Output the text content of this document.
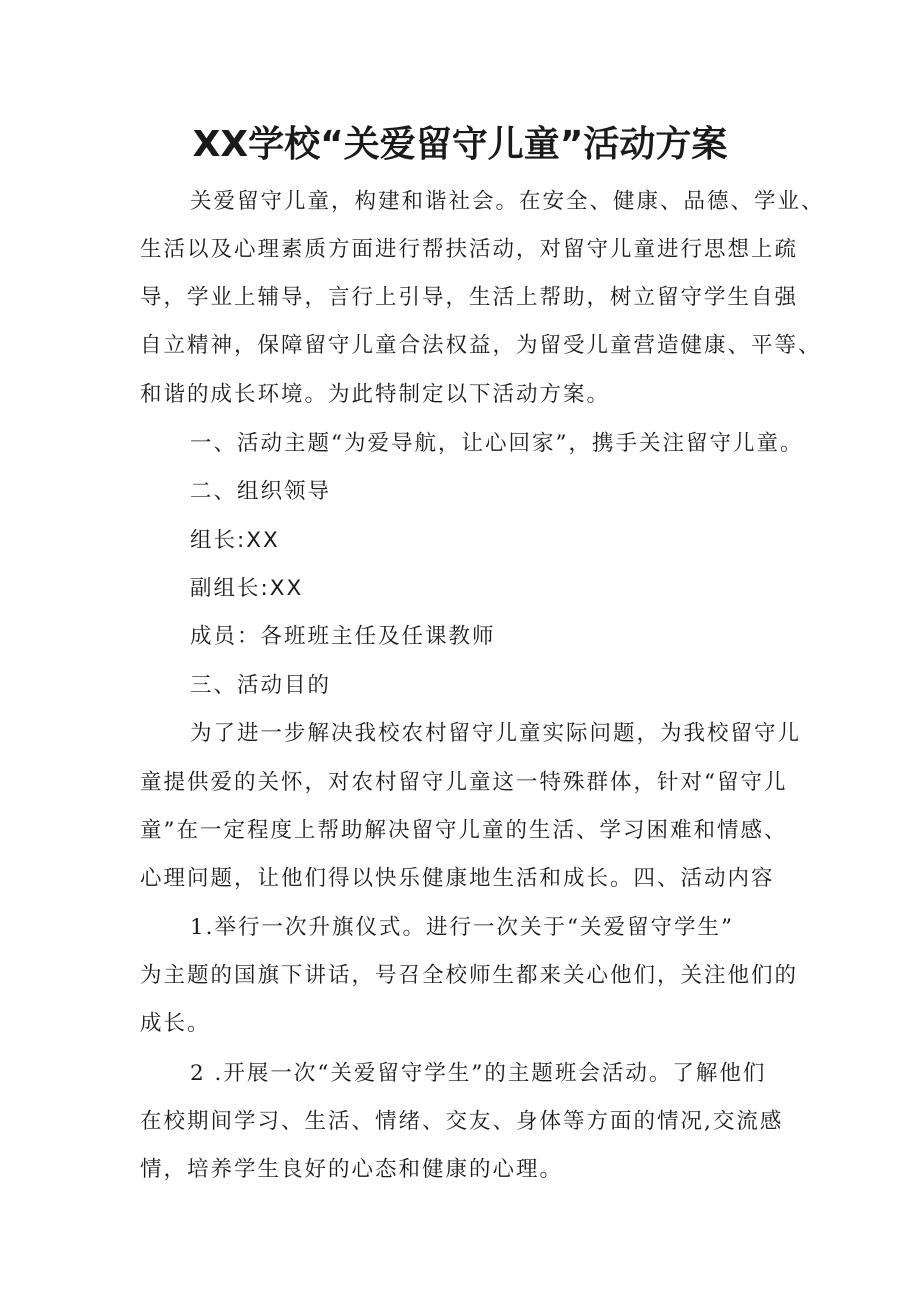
XX学校“关爱留守儿童”活动方案

关爱留守儿童，构建和谐社会。在安全、健康、品德、学业、

生活以及心理素质方面进行帮扶活动，对留守儿童进行思想上疏

导，学业上辅导，言行上引导，生活上帮助，树立留守学生自强

自立精神，保障留守儿童合法权益，为留受儿童营造健康、平等、

和谐的成长环境。为此特制定以下活动方案。

一、活动主题“为爱导航，让心回家”，携手关注留守儿童。

二、组织领导

组长:XX

副组长:XX

成员：各班班主任及任课教师

三、活动目的

为了进一步解决我校农村留守儿童实际问题，为我校留守儿

童提供爱的关怀，对农村留守儿童这一特殊群体，针对“留守儿

童”在一定程度上帮助解决留守儿童的生活、学习困难和情感、

心理问题，让他们得以快乐健康地生活和成长。四、活动内容

1.举行一次升旗仪式。进行一次关于“关爱留守学生”

为主题的国旗下讲话，号召全校师生都来关心他们，关注他们的

成长。

2 .开展一次“关爱留守学生”的主题班会活动。了解他们

在校期间学习、生活、情绪、交友、身体等方面的情况,交流感

情，培养学生良好的心态和健康的心理。
